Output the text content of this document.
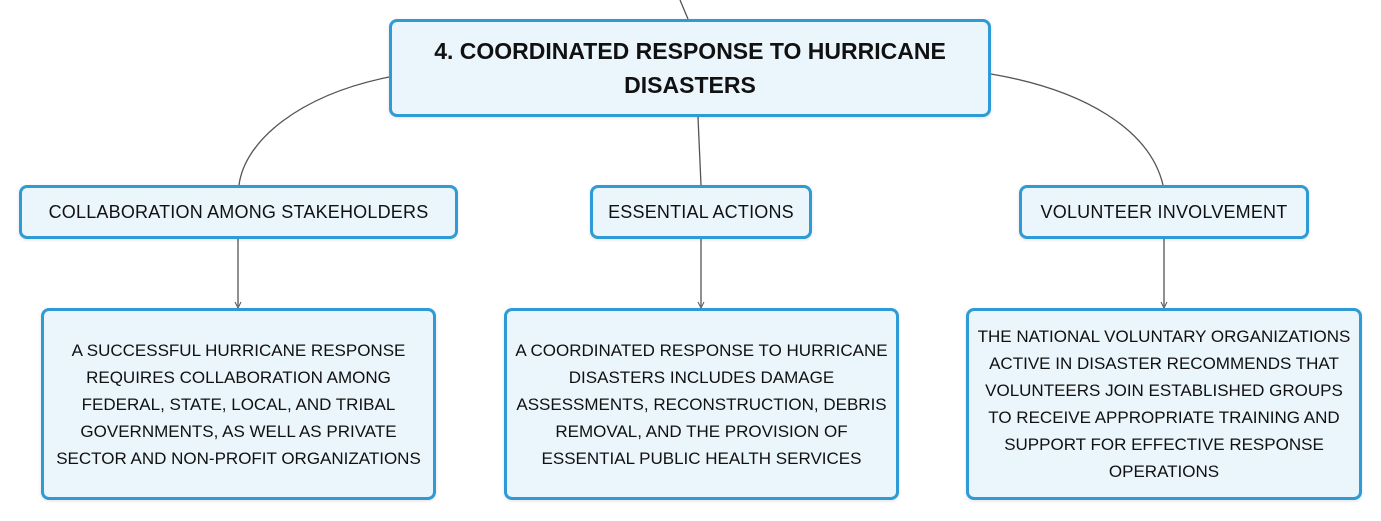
4. COORDINATED RESPONSE TO HURRICANE DISASTERS
COLLABORATION AMONG STAKEHOLDERS	ESSENTIAL ACTIONS	VOLUNTEER INVOLVEMENT
A SUCCESSFUL HURRICANE RESPONSE REQUIRES COLLABORATION AMONG FEDERAL, STATE, LOCAL, AND TRIBAL GOVERNMENTS, AS WELL AS PRIVATE SECTOR AND NON-PROFIT ORGANIZATIONS
A COORDINATED RESPONSE TO HURRICANE DISASTERS INCLUDES DAMAGE ASSESSMENTS, RECONSTRUCTION, DEBRIS REMOVAL, AND THE PROVISION OF ESSENTIAL PUBLIC HEALTH SERVICES
THE NATIONAL VOLUNTARY ORGANIZATIONS ACTIVE IN DISASTER RECOMMENDS THAT VOLUNTEERS JOIN ESTABLISHED GROUPS TO RECEIVE APPROPRIATE TRAINING AND SUPPORT FOR EFFECTIVE RESPONSE OPERATIONS
